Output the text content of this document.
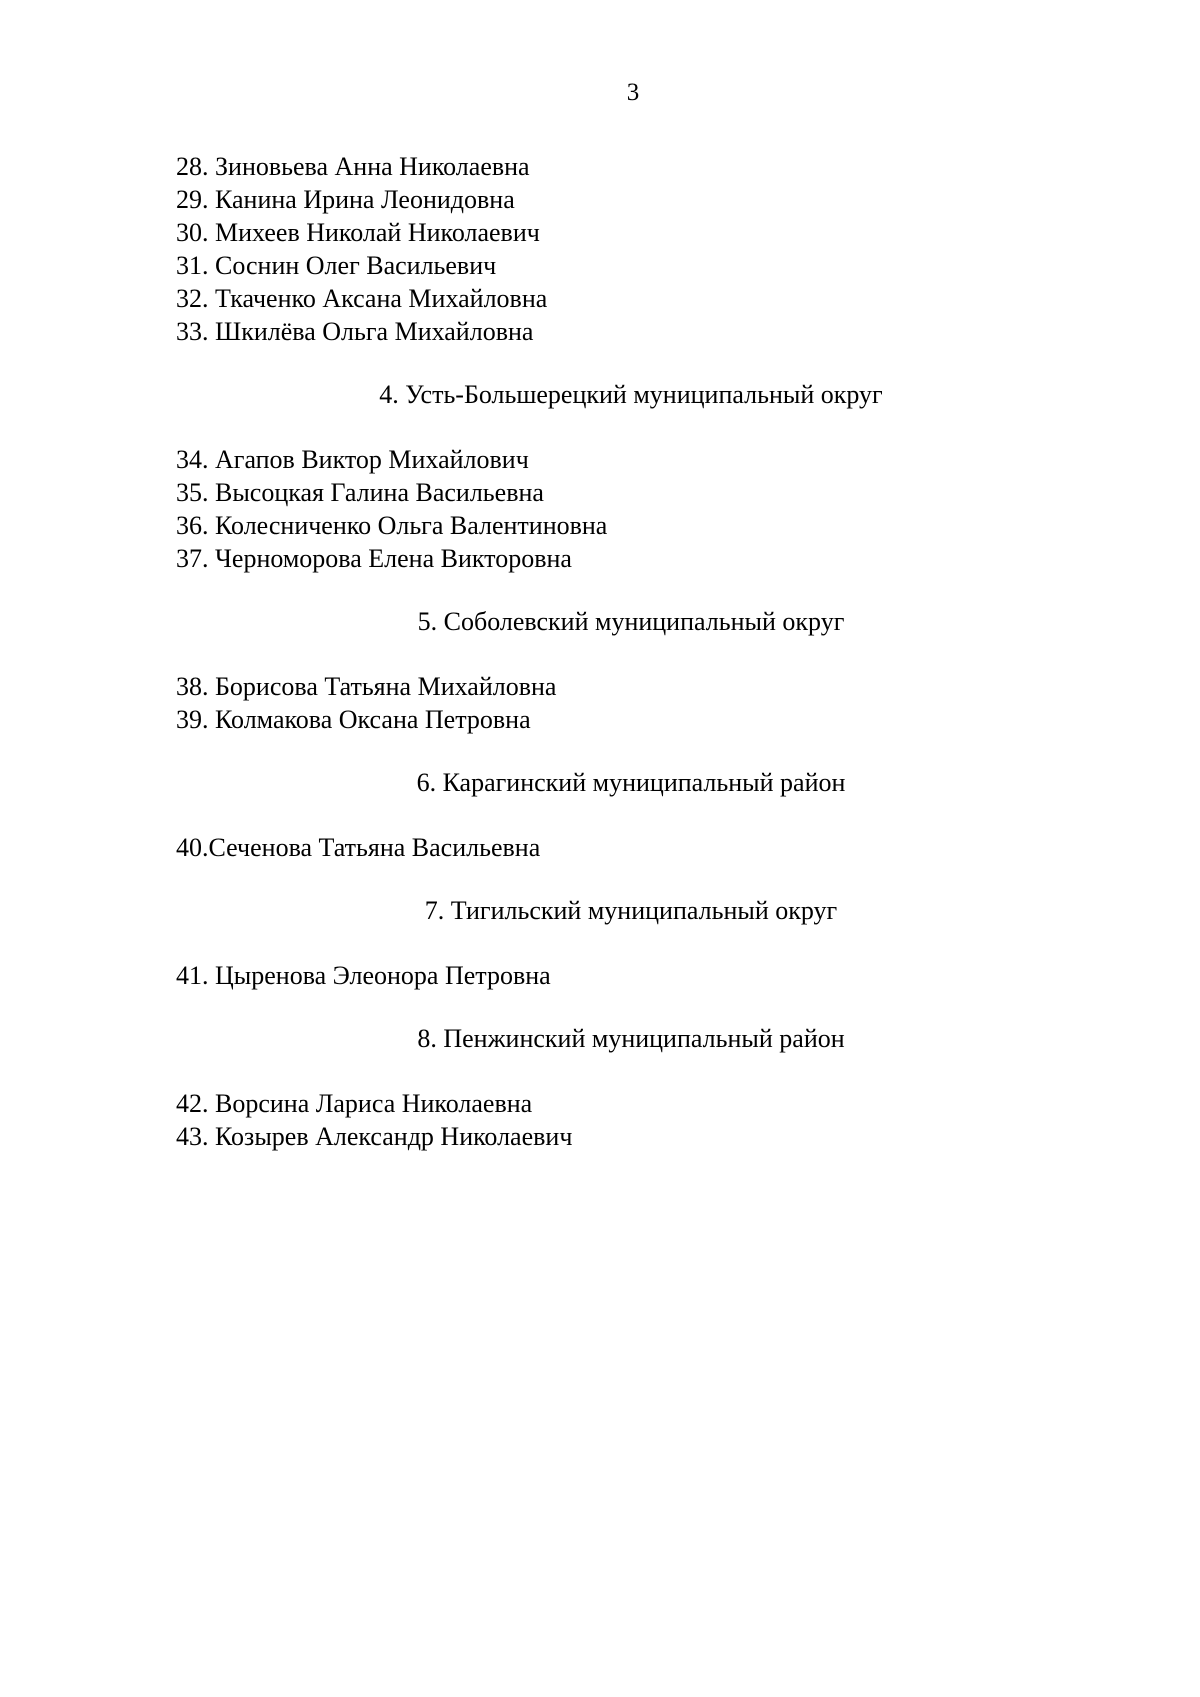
3
28. Зиновьева Анна Николаевна
29. Канина Ирина Леонидовна
30. Михеев Николай Николаевич
31. Соснин Олег Васильевич
32. Ткаченко Аксана Михайловна
33. Шкилёва Ольга Михайловна
4. Усть-Большерецкий муниципальный округ
34. Агапов Виктор Михайлович
35. Высоцкая Галина Васильевна
36. Колесниченко Ольга Валентиновна
37. Черноморова Елена Викторовна
5. Соболевский муниципальный округ
38. Борисова Татьяна Михайловна
39. Колмакова Оксана Петровна
6. Карагинский муниципальный район
40.Сеченова Татьяна Васильевна
7. Тигильский муниципальный округ
41. Цыренова Элеонора Петровна
8. Пенжинский муниципальный район
42. Ворсина Лариса Николаевна
43. Козырев Александр Николаевич
